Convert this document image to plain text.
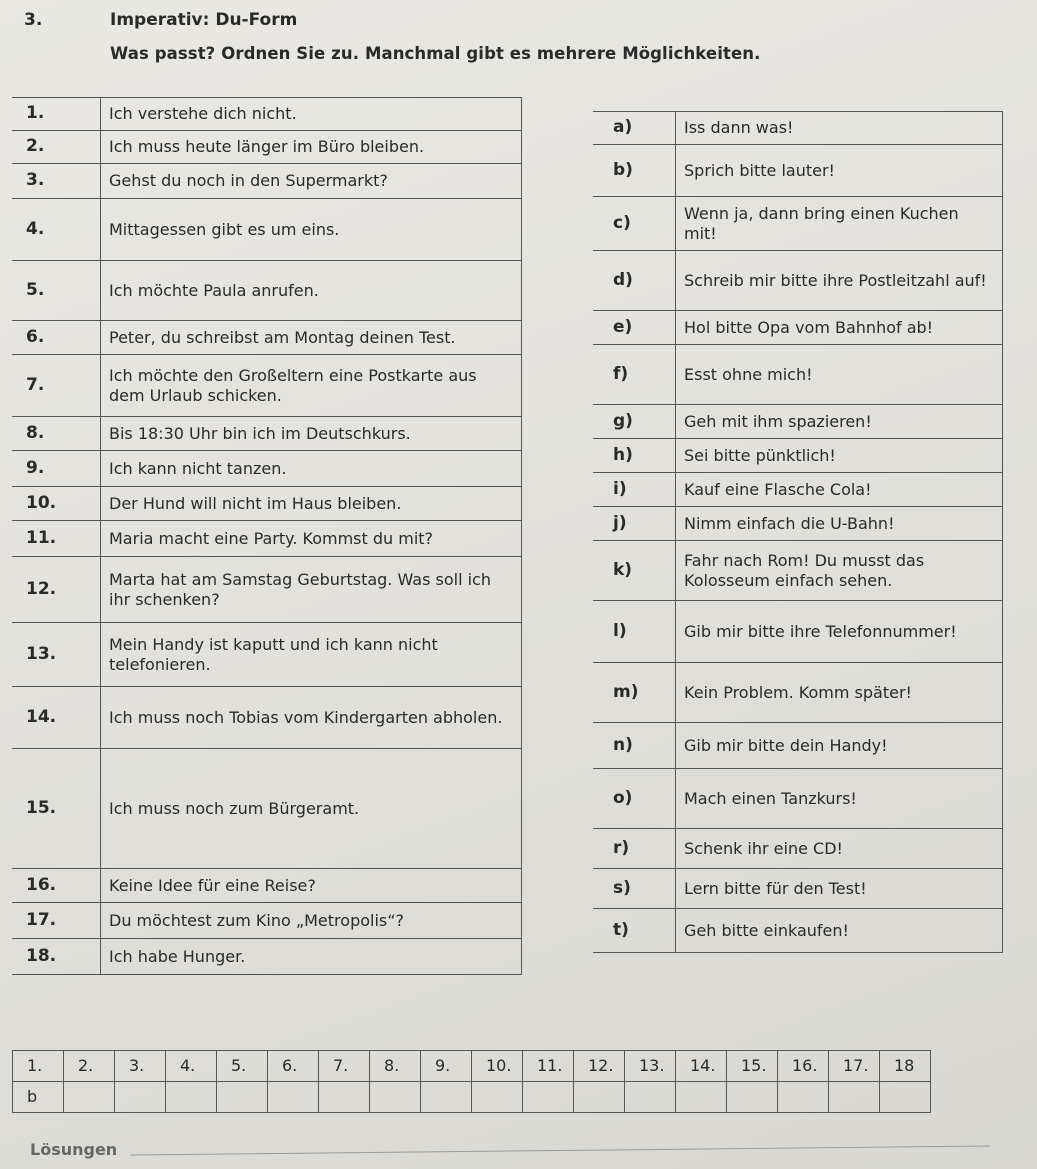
3.	Imperativ: Du-Form
Was passt? Ordnen Sie zu. Manchmal gibt es mehrere Möglichkeiten.
1.	Ich verstehe dich nicht.
2.	Ich muss heute länger im Büro bleiben.
3.	Gehst du noch in den Supermarkt?
4.	Mittagessen gibt es um eins.
5.	Ich möchte Paula anrufen.
6.	Peter, du schreibst am Montag deinen Test.
7.	Ich möchte den Großeltern eine Postkarte aus dem Urlaub schicken.
8.	Bis 18:30 Uhr bin ich im Deutschkurs.
9.	Ich kann nicht tanzen.
10.	Der Hund will nicht im Haus bleiben.
11.	Maria macht eine Party. Kommst du mit?
12.	Marta hat am Samstag Geburtstag. Was soll ich ihr schenken?
13.	Mein Handy ist kaputt und ich kann nicht telefonieren.
14.	Ich muss noch Tobias vom Kindergarten abholen.
15.	Ich muss noch zum Bürgeramt.
16.	Keine Idee für eine Reise?
17.	Du möchtest zum Kino „Metropolis“?
18.	Ich habe Hunger.
a)	Iss dann was!
b)	Sprich bitte lauter!
c)	Wenn ja, dann bring einen Kuchen mit!
d)	Schreib mir bitte ihre Postleitzahl auf!
e)	Hol bitte Opa vom Bahnhof ab!
f)	Esst ohne mich!
g)	Geh mit ihm spazieren!
h)	Sei bitte pünktlich!
i)	Kauf eine Flasche Cola!
j)	Nimm einfach die U-Bahn!
k)	Fahr nach Rom! Du musst das Kolosseum einfach sehen.
l)	Gib mir bitte ihre Telefonnummer!
m)	Kein Problem. Komm später!
n)	Gib mir bitte dein Handy!
o)	Mach einen Tanzkurs!
r)	Schenk ihr eine CD!
s)	Lern bitte für den Test!
t)	Geh bitte einkaufen!
1.	2.	3.	4.	5.	6.	7.	8.	9.	10.	11.	12.	13.	14.	15.	16.	17.	18
b																	
Lösungen
